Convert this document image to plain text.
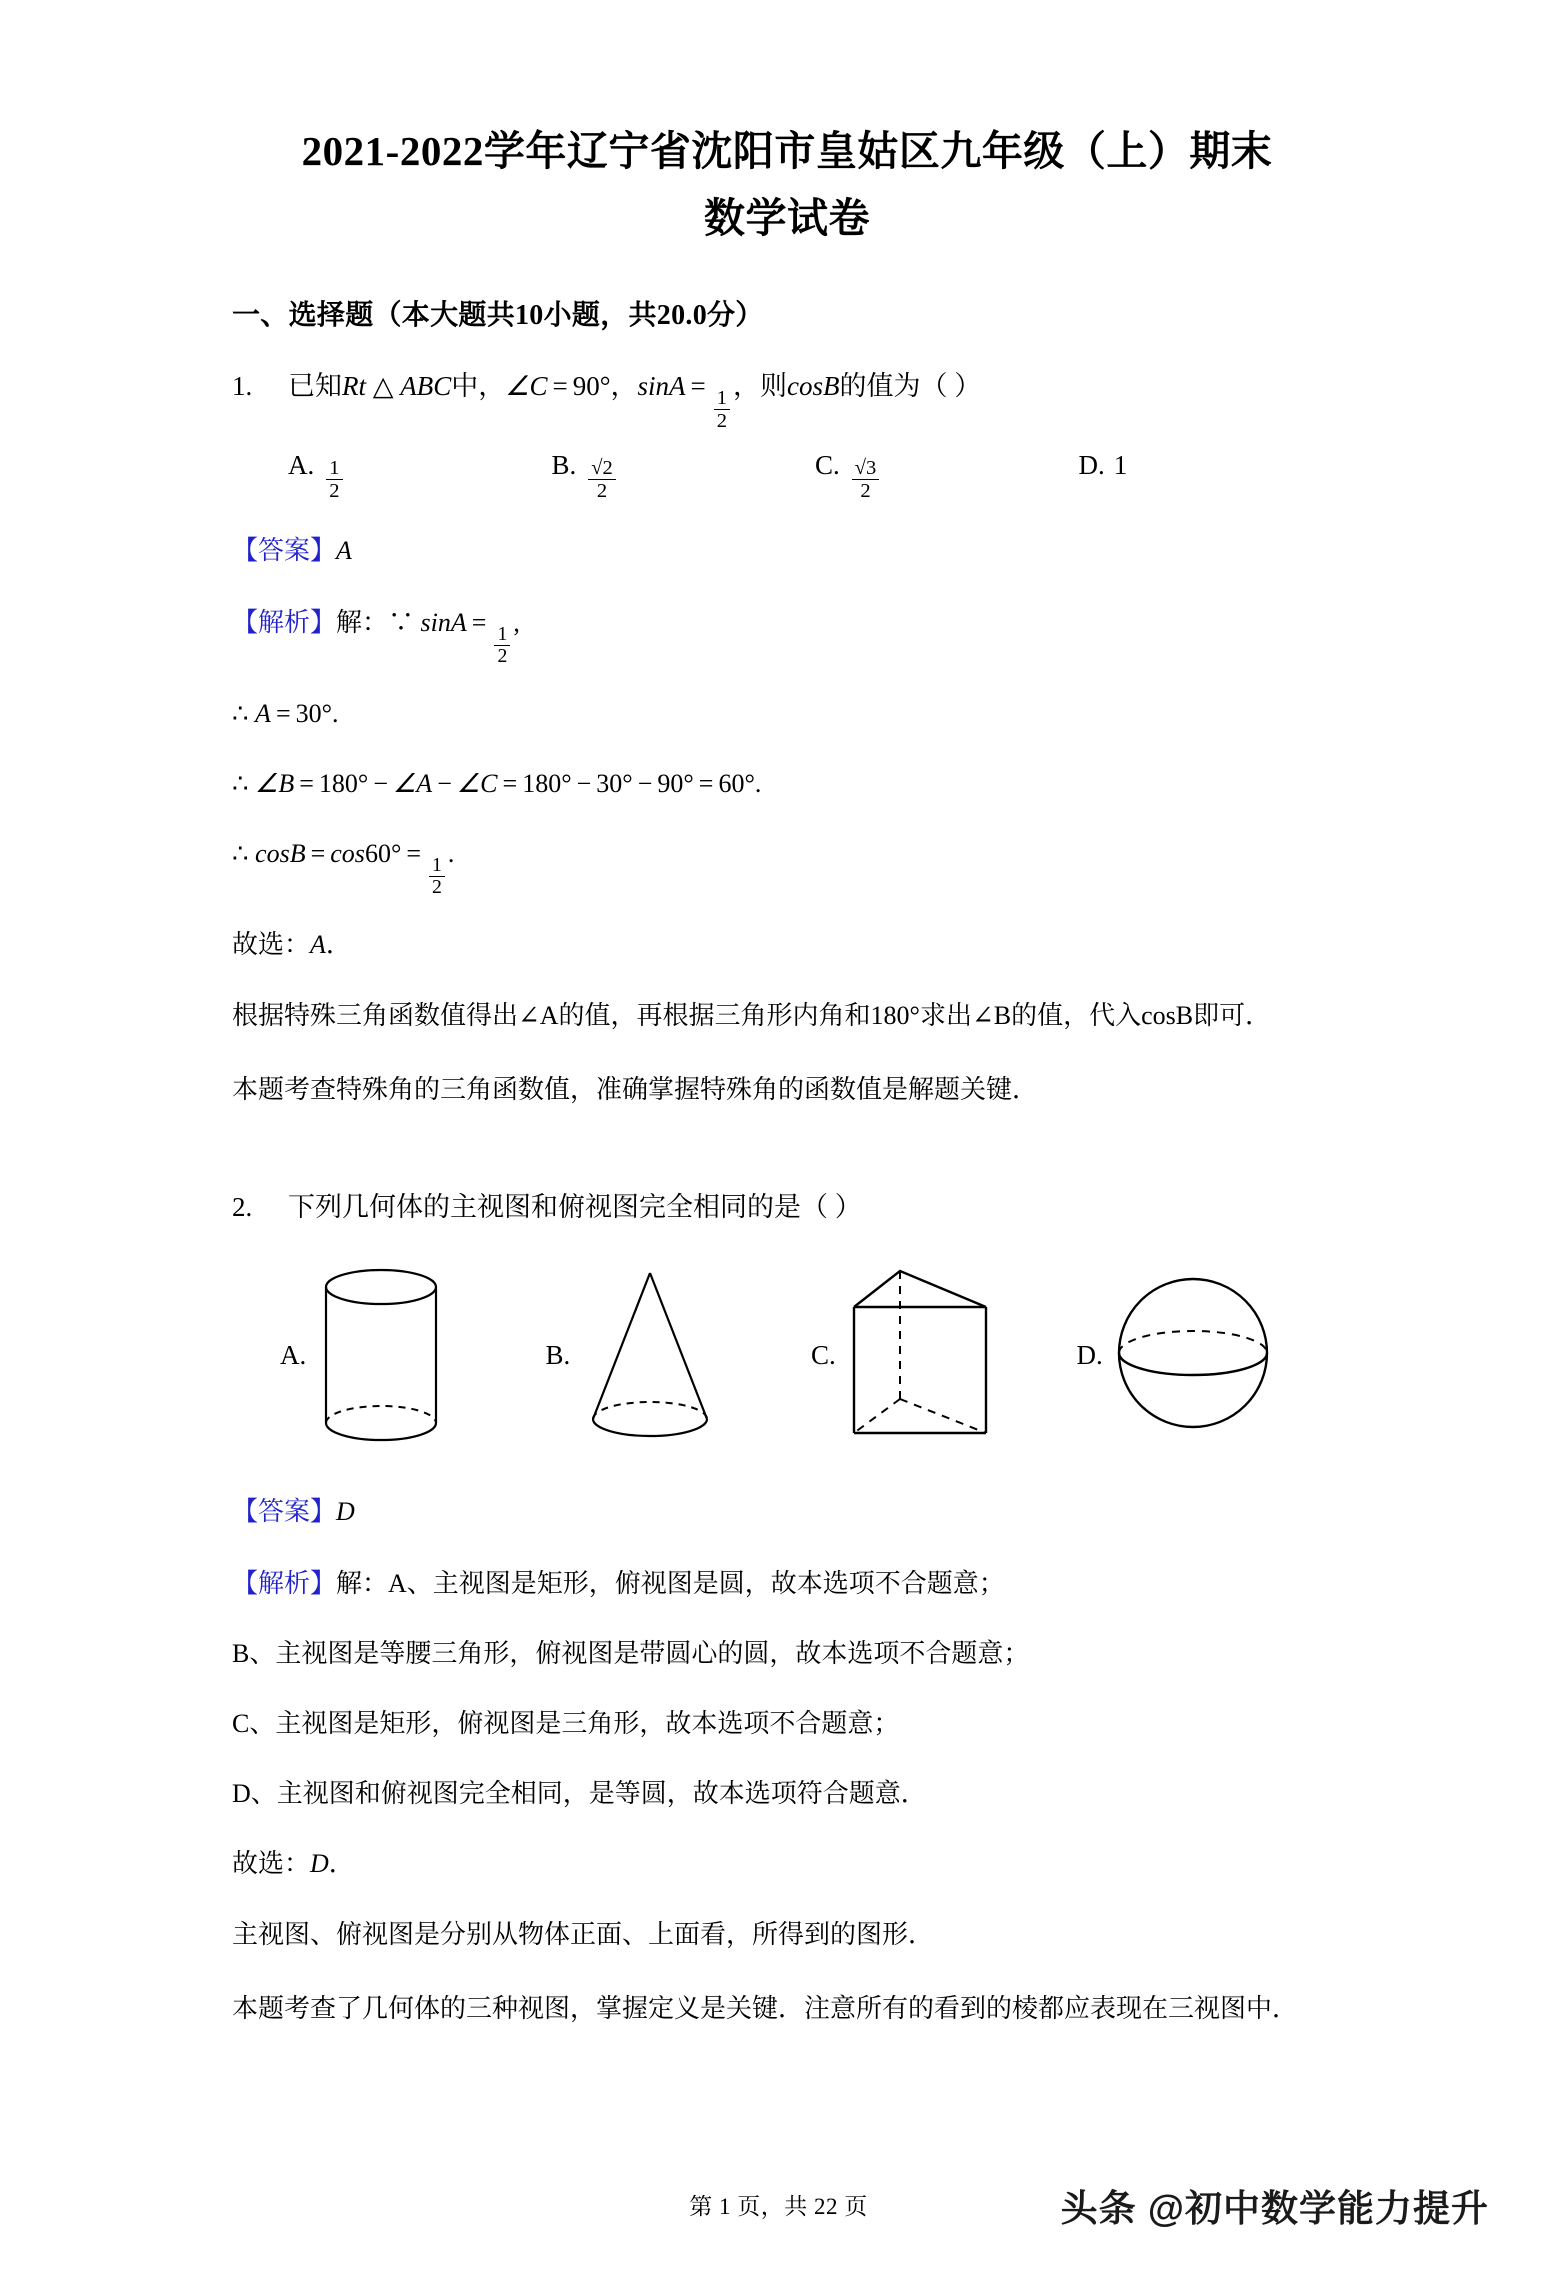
2021-2022学年辽宁省沈阳市皇姑区九年级（上）期末
数学试卷
一、选择题（本大题共10小题，共20.0分）
1.	已知Rt △ ABC中，∠C = 90°，sinA =
$\frac{1}{2}$
，则cosB的值为（ ）
A. $\frac{1}{2}$	B. $\frac{√2}{2}$	C. $\frac{√3}{2}$	D. 1
【答案】A
【解析】解：∵ sinA =
$\frac{1}{2}$
,
∴ A = 30°.
∴ ∠B = 180° − ∠A − ∠C = 180° − 30° − 90° = 60°.
∴ cosB = cos60° =
$\frac{1}{2}$
.
故选：A．
根据特殊三角函数值得出∠A的值，再根据三角形内角和180°求出∠B的值，代入cosB即可．
本题考查特殊角的三角函数值，准确掌握特殊角的函数值是解题关键．
2.	下列几何体的主视图和俯视图完全相同的是（ ）
A.	B.	C.	D.
【答案】D
【解析】解：A、主视图是矩形，俯视图是圆，故本选项不合题意；
B、主视图是等腰三角形，俯视图是带圆心的圆，故本选项不合题意；
C、主视图是矩形，俯视图是三角形，故本选项不合题意；
D、主视图和俯视图完全相同，是等圆，故本选项符合题意．
故选：D．
主视图、俯视图是分别从物体正面、上面看，所得到的图形．
本题考查了几何体的三种视图，掌握定义是关键．注意所有的看到的棱都应表现在三视图中．
第 1 页，共 22 页	头条 @初中数学能力提升
